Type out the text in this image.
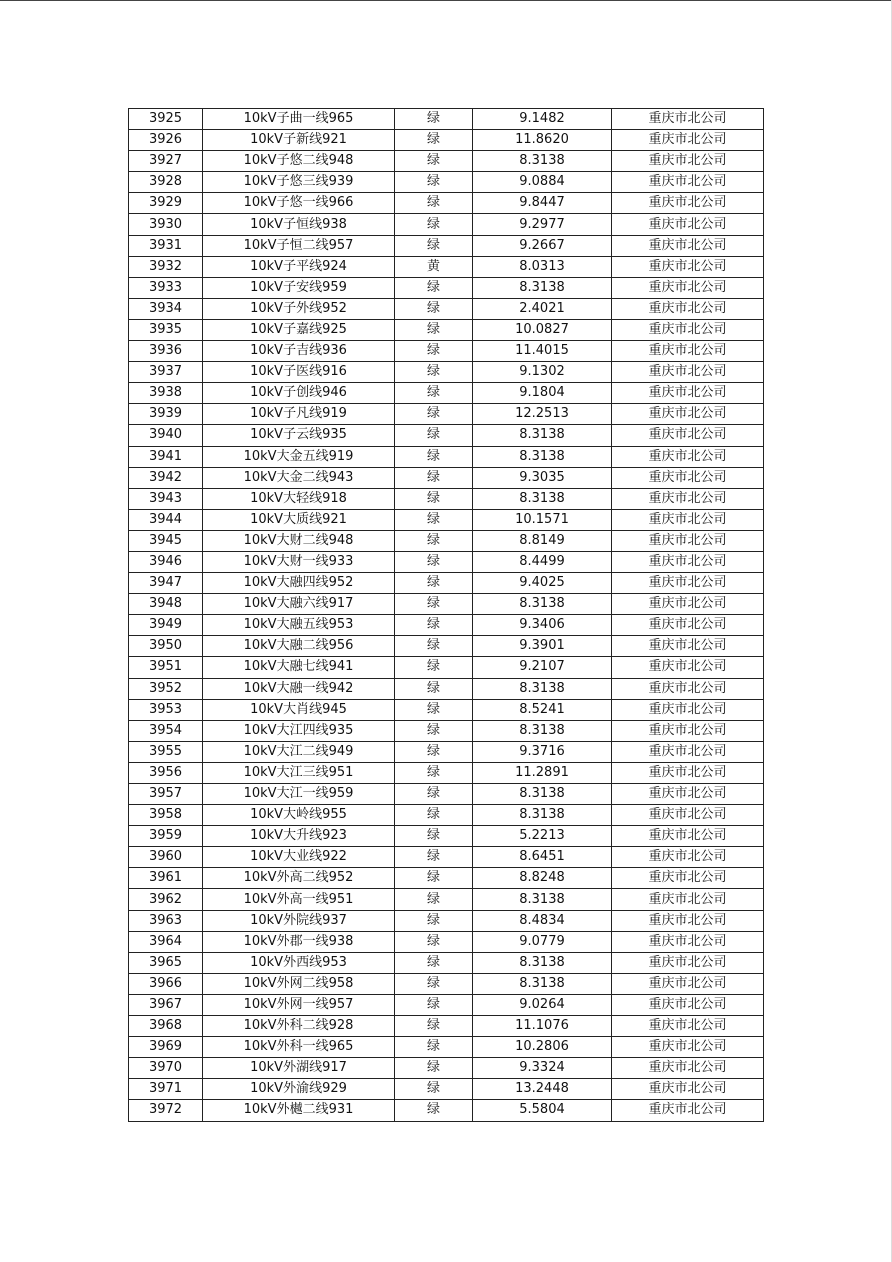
3925	10kV子曲一线965	绿	9.1482	重庆市北公司
3926	10kV子新线921	绿	11.8620	重庆市北公司
3927	10kV子悠二线948	绿	8.3138	重庆市北公司
3928	10kV子悠三线939	绿	9.0884	重庆市北公司
3929	10kV子悠一线966	绿	9.8447	重庆市北公司
3930	10kV子恒线938	绿	9.2977	重庆市北公司
3931	10kV子恒二线957	绿	9.2667	重庆市北公司
3932	10kV子平线924	黄	8.0313	重庆市北公司
3933	10kV子安线959	绿	8.3138	重庆市北公司
3934	10kV子外线952	绿	2.4021	重庆市北公司
3935	10kV子嘉线925	绿	10.0827	重庆市北公司
3936	10kV子吉线936	绿	11.4015	重庆市北公司
3937	10kV子医线916	绿	9.1302	重庆市北公司
3938	10kV子创线946	绿	9.1804	重庆市北公司
3939	10kV子凡线919	绿	12.2513	重庆市北公司
3940	10kV子云线935	绿	8.3138	重庆市北公司
3941	10kV大金五线919	绿	8.3138	重庆市北公司
3942	10kV大金二线943	绿	9.3035	重庆市北公司
3943	10kV大轻线918	绿	8.3138	重庆市北公司
3944	10kV大质线921	绿	10.1571	重庆市北公司
3945	10kV大财二线948	绿	8.8149	重庆市北公司
3946	10kV大财一线933	绿	8.4499	重庆市北公司
3947	10kV大融四线952	绿	9.4025	重庆市北公司
3948	10kV大融六线917	绿	8.3138	重庆市北公司
3949	10kV大融五线953	绿	9.3406	重庆市北公司
3950	10kV大融二线956	绿	9.3901	重庆市北公司
3951	10kV大融七线941	绿	9.2107	重庆市北公司
3952	10kV大融一线942	绿	8.3138	重庆市北公司
3953	10kV大肖线945	绿	8.5241	重庆市北公司
3954	10kV大江四线935	绿	8.3138	重庆市北公司
3955	10kV大江二线949	绿	9.3716	重庆市北公司
3956	10kV大江三线951	绿	11.2891	重庆市北公司
3957	10kV大江一线959	绿	8.3138	重庆市北公司
3958	10kV大岭线955	绿	8.3138	重庆市北公司
3959	10kV大升线923	绿	5.2213	重庆市北公司
3960	10kV大业线922	绿	8.6451	重庆市北公司
3961	10kV外高二线952	绿	8.8248	重庆市北公司
3962	10kV外高一线951	绿	8.3138	重庆市北公司
3963	10kV外院线937	绿	8.4834	重庆市北公司
3964	10kV外郡一线938	绿	9.0779	重庆市北公司
3965	10kV外西线953	绿	8.3138	重庆市北公司
3966	10kV外网二线958	绿	8.3138	重庆市北公司
3967	10kV外网一线957	绿	9.0264	重庆市北公司
3968	10kV外科二线928	绿	11.1076	重庆市北公司
3969	10kV外科一线965	绿	10.2806	重庆市北公司
3970	10kV外湖线917	绿	9.3324	重庆市北公司
3971	10kV外渝线929	绿	13.2448	重庆市北公司
3972	10kV外樾二线931	绿	5.5804	重庆市北公司
